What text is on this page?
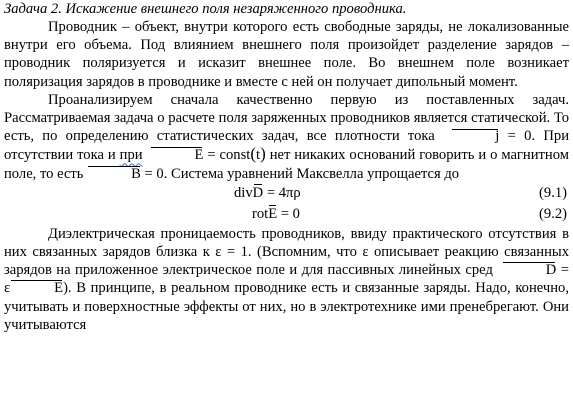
Задача 2. Искажение внешнего поля незаряженного проводника.

Проводник – объект, внутри которого есть свободные заряды, не локализованные внутри его объема. Под влиянием внешнего поля произойдет разделение зарядов – проводник поляризуется и исказит внешнее поле. Во внешнем поле возникает поляризация зарядов в проводнике и вместе с ней он получает дипольный момент.

Проанализируем сначала качественно первую из поставленных задач. Рассматриваемая задача о расчете поля заряженных проводников является статической. То есть, по определению статистических задач, все плотности тока	j = 0. При отсутствии тока и при	E = const(t) нет никаких оснований говорить и о магнитном поле, то есть	B = 0. Система уравнений Максвелла упрощается до

divD = 4πρ	(9.1)
rotE = 0	(9.2)

Диэлектрическая проницаемость проводников, ввиду практического отсутствия в них связанных зарядов близка к ε = 1. (Вспомним, что ε описывает реакцию связанных зарядов на приложенное электрическое поле и для пассивных линейных сред	D = ε	E). В принципе, в реальном проводнике есть и связанные заряды. Надо, конечно, учитывать и поверхностные эффекты от них, но в электротехнике ими пренебрегают. Они учитываются
